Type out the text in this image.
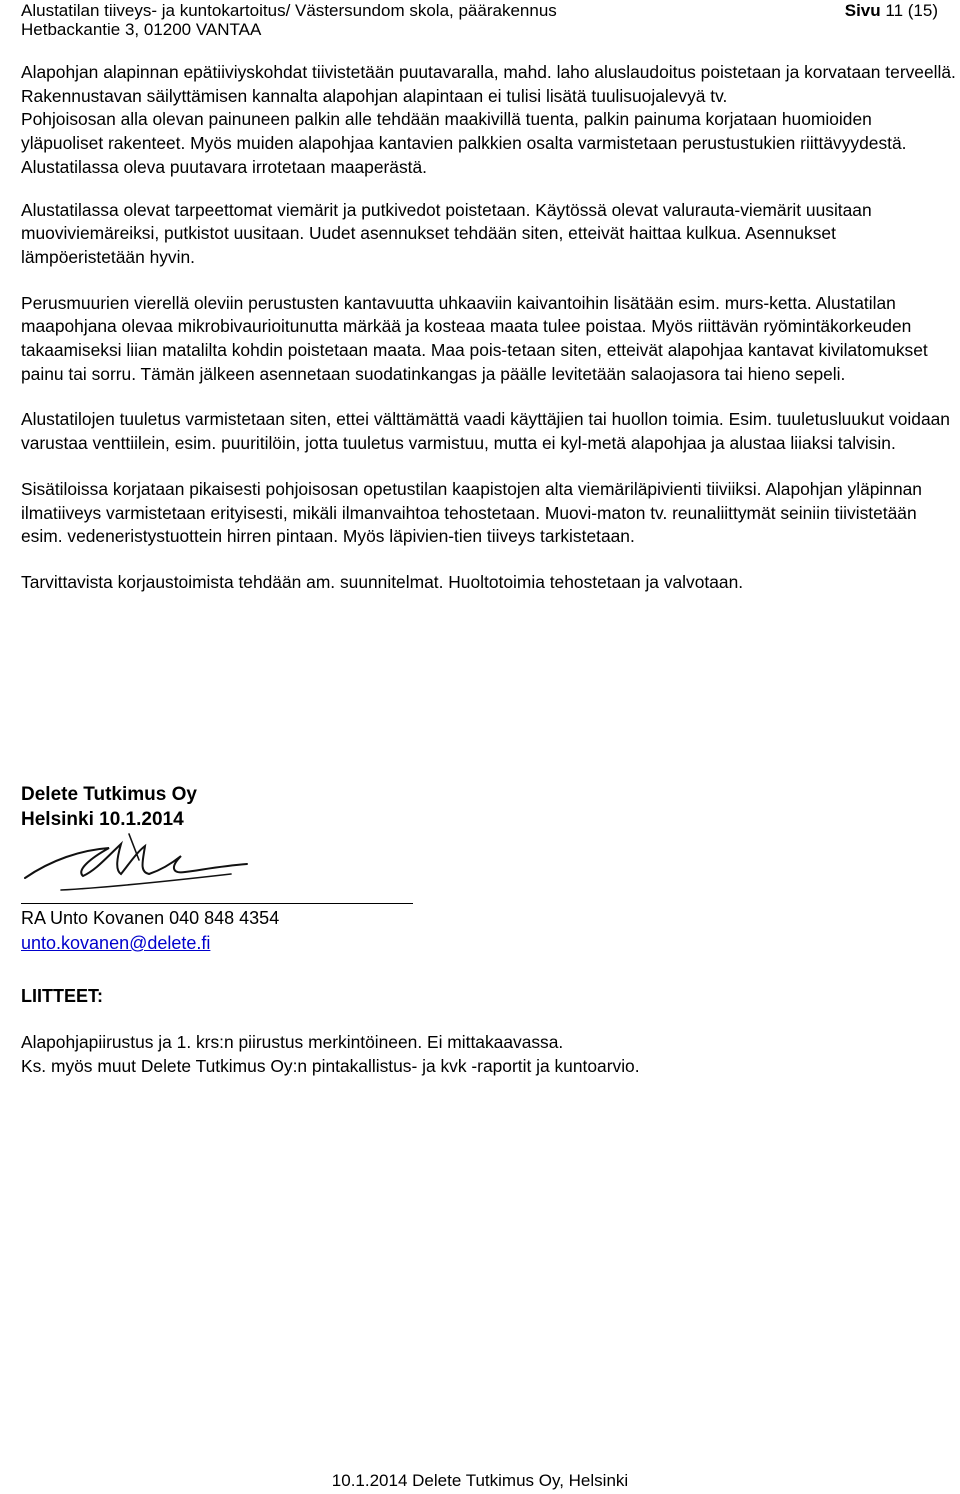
Alustatilan tiiveys- ja kuntokartoitus/ Västersundom skola, päärakennus
Hetbackantie 3, 01200 VANTAA
Sivu 11 (15)

Alapohjan alapinnan epätiiviyskohdat tiivistetään puutavaralla, mahd. laho aluslaudoitus poistetaan ja korvataan terveellä. Rakennustavan säilyttämisen kannalta alapohjan alapintaan ei tulisi lisätä tuulisuojalevyä tv.

Pohjoisosan alla olevan painuneen palkin alle tehdään maakivillä tuenta, palkin painuma korjataan huomioiden yläpuoliset rakenteet. Myös muiden alapohjaa kantavien palkkien osalta varmistetaan perustustukien riittävyydestä. Alustatilassa oleva puutavara irrotetaan maaperästä.

Alustatilassa olevat tarpeettomat viemärit ja putkivedot poistetaan. Käytössä olevat valurauta-viemärit uusitaan muoviviemäreiksi, putkistot uusitaan. Uudet asennukset tehdään siten, etteivät haittaa kulkua. Asennukset lämpöeristetään hyvin.

Perusmuurien vierellä oleviin perustusten kantavuutta uhkaaviin kaivantoihin lisätään esim. murs-ketta. Alustatilan maapohjana olevaa mikrobivaurioitunutta märkää ja kosteaa maata tulee poistaa. Myös riittävän ryömintäkorkeuden takaamiseksi liian matalilta kohdin poistetaan maata. Maa pois-tetaan siten, etteivät alapohjaa kantavat kivilatomukset painu tai sorru. Tämän jälkeen asennetaan suodatinkangas ja päälle levitetään salaojasora tai hieno sepeli.

Alustatilojen tuuletus varmistetaan siten, ettei välttämättä vaadi käyttäjien tai huollon toimia. Esim. tuuletusluukut voidaan varustaa venttiilein, esim. puuritilöin, jotta tuuletus varmistuu, mutta ei kyl-metä alapohjaa ja alustaa liiaksi talvisin.

Sisätiloissa korjataan pikaisesti pohjoisosan opetustilan kaapistojen alta viemäriläpivienti tiiviiksi. Alapohjan yläpinnan ilmatiiveys varmistetaan erityisesti, mikäli ilmanvaihtoa tehostetaan. Muovi-maton tv. reunaliittymät seiniin tiivistetään esim. vedeneristystuottein hirren pintaan. Myös läpivien-tien tiiveys tarkistetaan.

Tarvittavista korjaustoimista tehdään am. suunnitelmat. Huoltotoimia tehostetaan ja valvotaan.

Delete Tutkimus Oy
Helsinki 10.1.2014
RA Unto Kovanen 040 848 4354
unto.kovanen@delete.fi
LIITTEET:
Alapohjapiirustus ja 1. krs:n piirustus merkintöineen. Ei mittakaavassa.
Ks. myös muut Delete Tutkimus Oy:n pintakallistus- ja kvk -raportit ja kuntoarvio.
10.1.2014 Delete Tutkimus Oy, Helsinki
